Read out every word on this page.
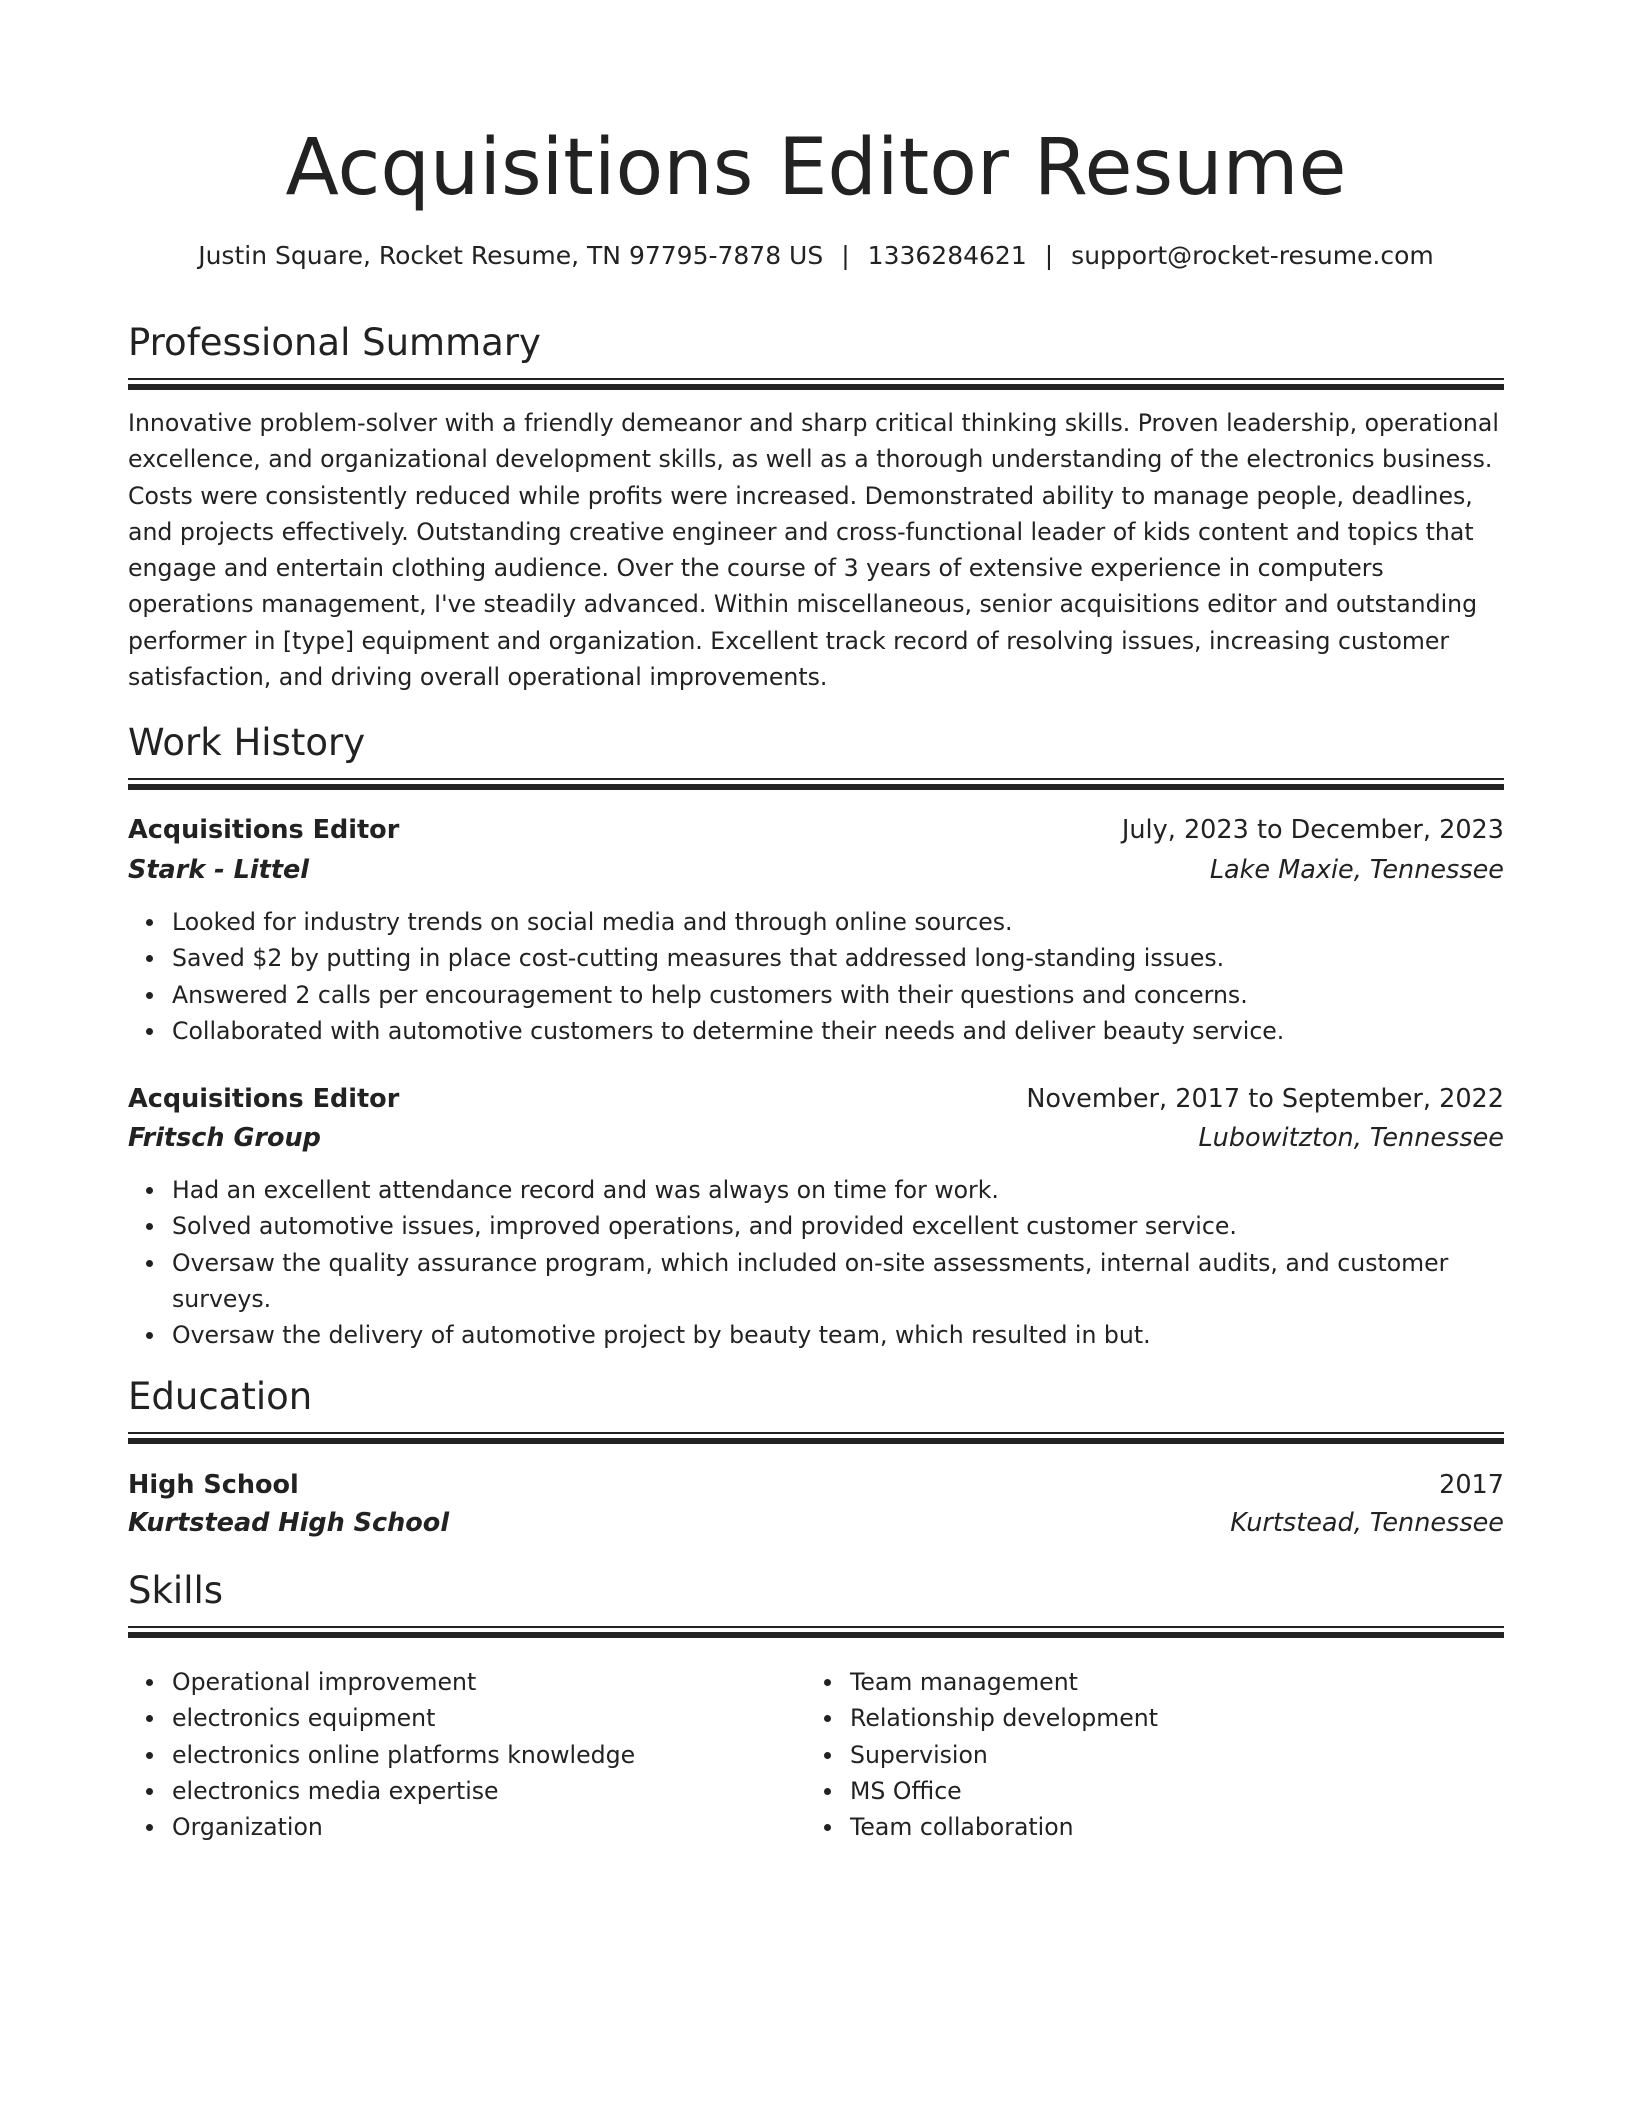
Acquisitions Editor Resume
Justin Square, Rocket Resume, TN 97795-7878 US | 1336284621 | support@rocket-resume.com
Professional Summary

Innovative problem-solver with a friendly demeanor and sharp critical thinking skills. Proven leadership, operational excellence, and organizational development skills, as well as a thorough understanding of the electronics business. Costs were consistently reduced while profits were increased. Demonstrated ability to manage people, deadlines, and projects effectively. Outstanding creative engineer and cross-functional leader of kids content and topics that engage and entertain clothing audience. Over the course of 3 years of extensive experience in computers operations management, I've steadily advanced. Within miscellaneous, senior acquisitions editor and outstanding performer in [type] equipment and organization. Excellent track record of resolving issues, increasing customer satisfaction, and driving overall operational improvements.

Work History
Acquisitions Editor	July, 2023 to December, 2023
Stark - Littel	Lake Maxie, Tennessee
Looked for industry trends on social media and through online sources.
Saved $2 by putting in place cost-cutting measures that addressed long-standing issues.
Answered 2 calls per encouragement to help customers with their questions and concerns.
Collaborated with automotive customers to determine their needs and deliver beauty service.
Acquisitions Editor	November, 2017 to September, 2022
Fritsch Group	Lubowitzton, Tennessee
Had an excellent attendance record and was always on time for work.
Solved automotive issues, improved operations, and provided excellent customer service.
Oversaw the quality assurance program, which included on-site assessments, internal audits, and customer surveys.
Oversaw the delivery of automotive project by beauty team, which resulted in but.
Education
High School	2017
Kurtstead High School	Kurtstead, Tennessee
Skills
Operational improvement
electronics equipment
electronics online platforms knowledge
electronics media expertise
Organization
Team management
Relationship development
Supervision
MS Office
Team collaboration
